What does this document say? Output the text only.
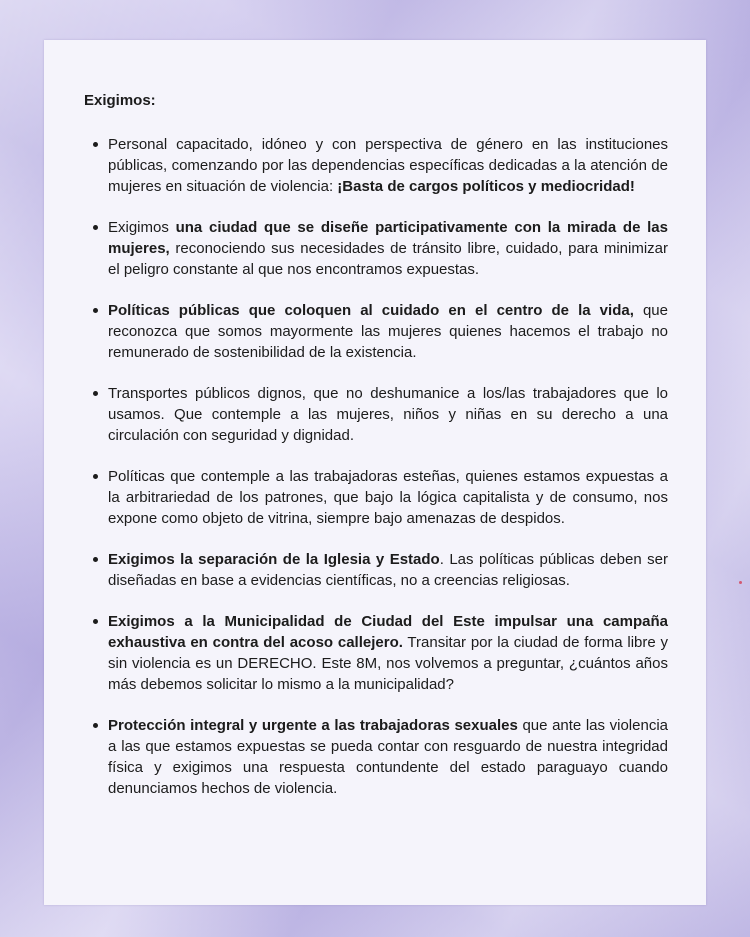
Exigimos:

Personal capacitado, idóneo y con perspectiva de género en las instituciones públicas, comenzando por las dependencias específicas dedicadas a la atención de mujeres en situación de violencia: ¡Basta de cargos políticos y mediocridad!
Exigimos una ciudad que se diseñe participativamente con la mirada de las mujeres, reconociendo sus necesidades de tránsito libre, cuidado, para minimizar el peligro constante al que nos encontramos expuestas.
Políticas públicas que coloquen al cuidado en el centro de la vida, que reconozca que somos mayormente las mujeres quienes hacemos el trabajo no remunerado de sostenibilidad de la existencia.
Transportes públicos dignos, que no deshumanice a los/las trabajadores que lo usamos. Que contemple a las mujeres, niños y niñas en su derecho a una circulación con seguridad y dignidad.
Políticas que contemple a las trabajadoras esteñas, quienes estamos expuestas a la arbitrariedad de los patrones, que bajo la lógica capitalista y de consumo, nos expone como objeto de vitrina, siempre bajo amenazas de despidos.
Exigimos la separación de la Iglesia y Estado. Las políticas públicas deben ser diseñadas en base a evidencias científicas, no a creencias religiosas.
Exigimos a la Municipalidad de Ciudad del Este impulsar una campaña exhaustiva en contra del acoso callejero. Transitar por la ciudad de forma libre y sin violencia es un DERECHO. Este 8M, nos volvemos a preguntar, ¿cuántos años más debemos solicitar lo mismo a la municipalidad?
Protección integral y urgente a las trabajadoras sexuales que ante las violencia a las que estamos expuestas se pueda contar con resguardo de nuestra integridad física y exigimos una respuesta contundente del estado paraguayo cuando denunciamos hechos de violencia.
